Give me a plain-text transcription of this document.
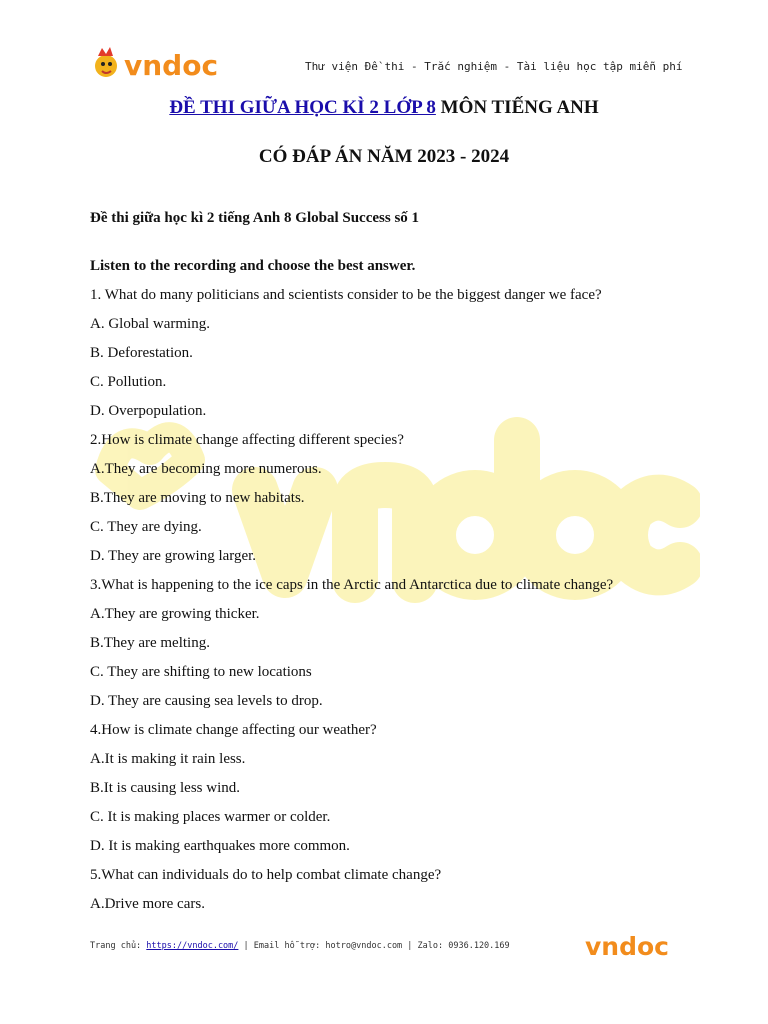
vndoc	Thư viện Đề thi - Trắc nghiệm - Tài liệu học tập miễn phí
ĐỀ THI GIỮA HỌC KÌ 2 LỚP 8 MÔN TIẾNG ANH
CÓ ĐÁP ÁN NĂM 2023 - 2024
Đề thi giữa học kì 2 tiếng Anh 8 Global Success số 1
Listen to the recording and choose the best answer.
1. What do many politicians and scientists consider to be the biggest danger we face?
A. Global warming.
B. Deforestation.
C. Pollution.
D. Overpopulation.
2.How is climate change affecting different species?
A.They are becoming more numerous.
B.They are moving to new habitats.
C. They are dying.
D. They are growing larger.
3.What is happening to the ice caps in the Arctic and Antarctica due to climate change?
A.They are growing thicker.
B.They are melting.
C. They are shifting to new locations
D. They are causing sea levels to drop.
4.How is climate change affecting our weather?
A.It is making it rain less.
B.It is causing less wind.
C. It is making places warmer or colder.
D. It is making earthquakes more common.
5.What can individuals do to help combat climate change?
A.Drive more cars.
Trang chủ: https://vndoc.com/ | Email hỗ trợ: hotro@vndoc.com | Zalo: 0936.120.169	vndoc
